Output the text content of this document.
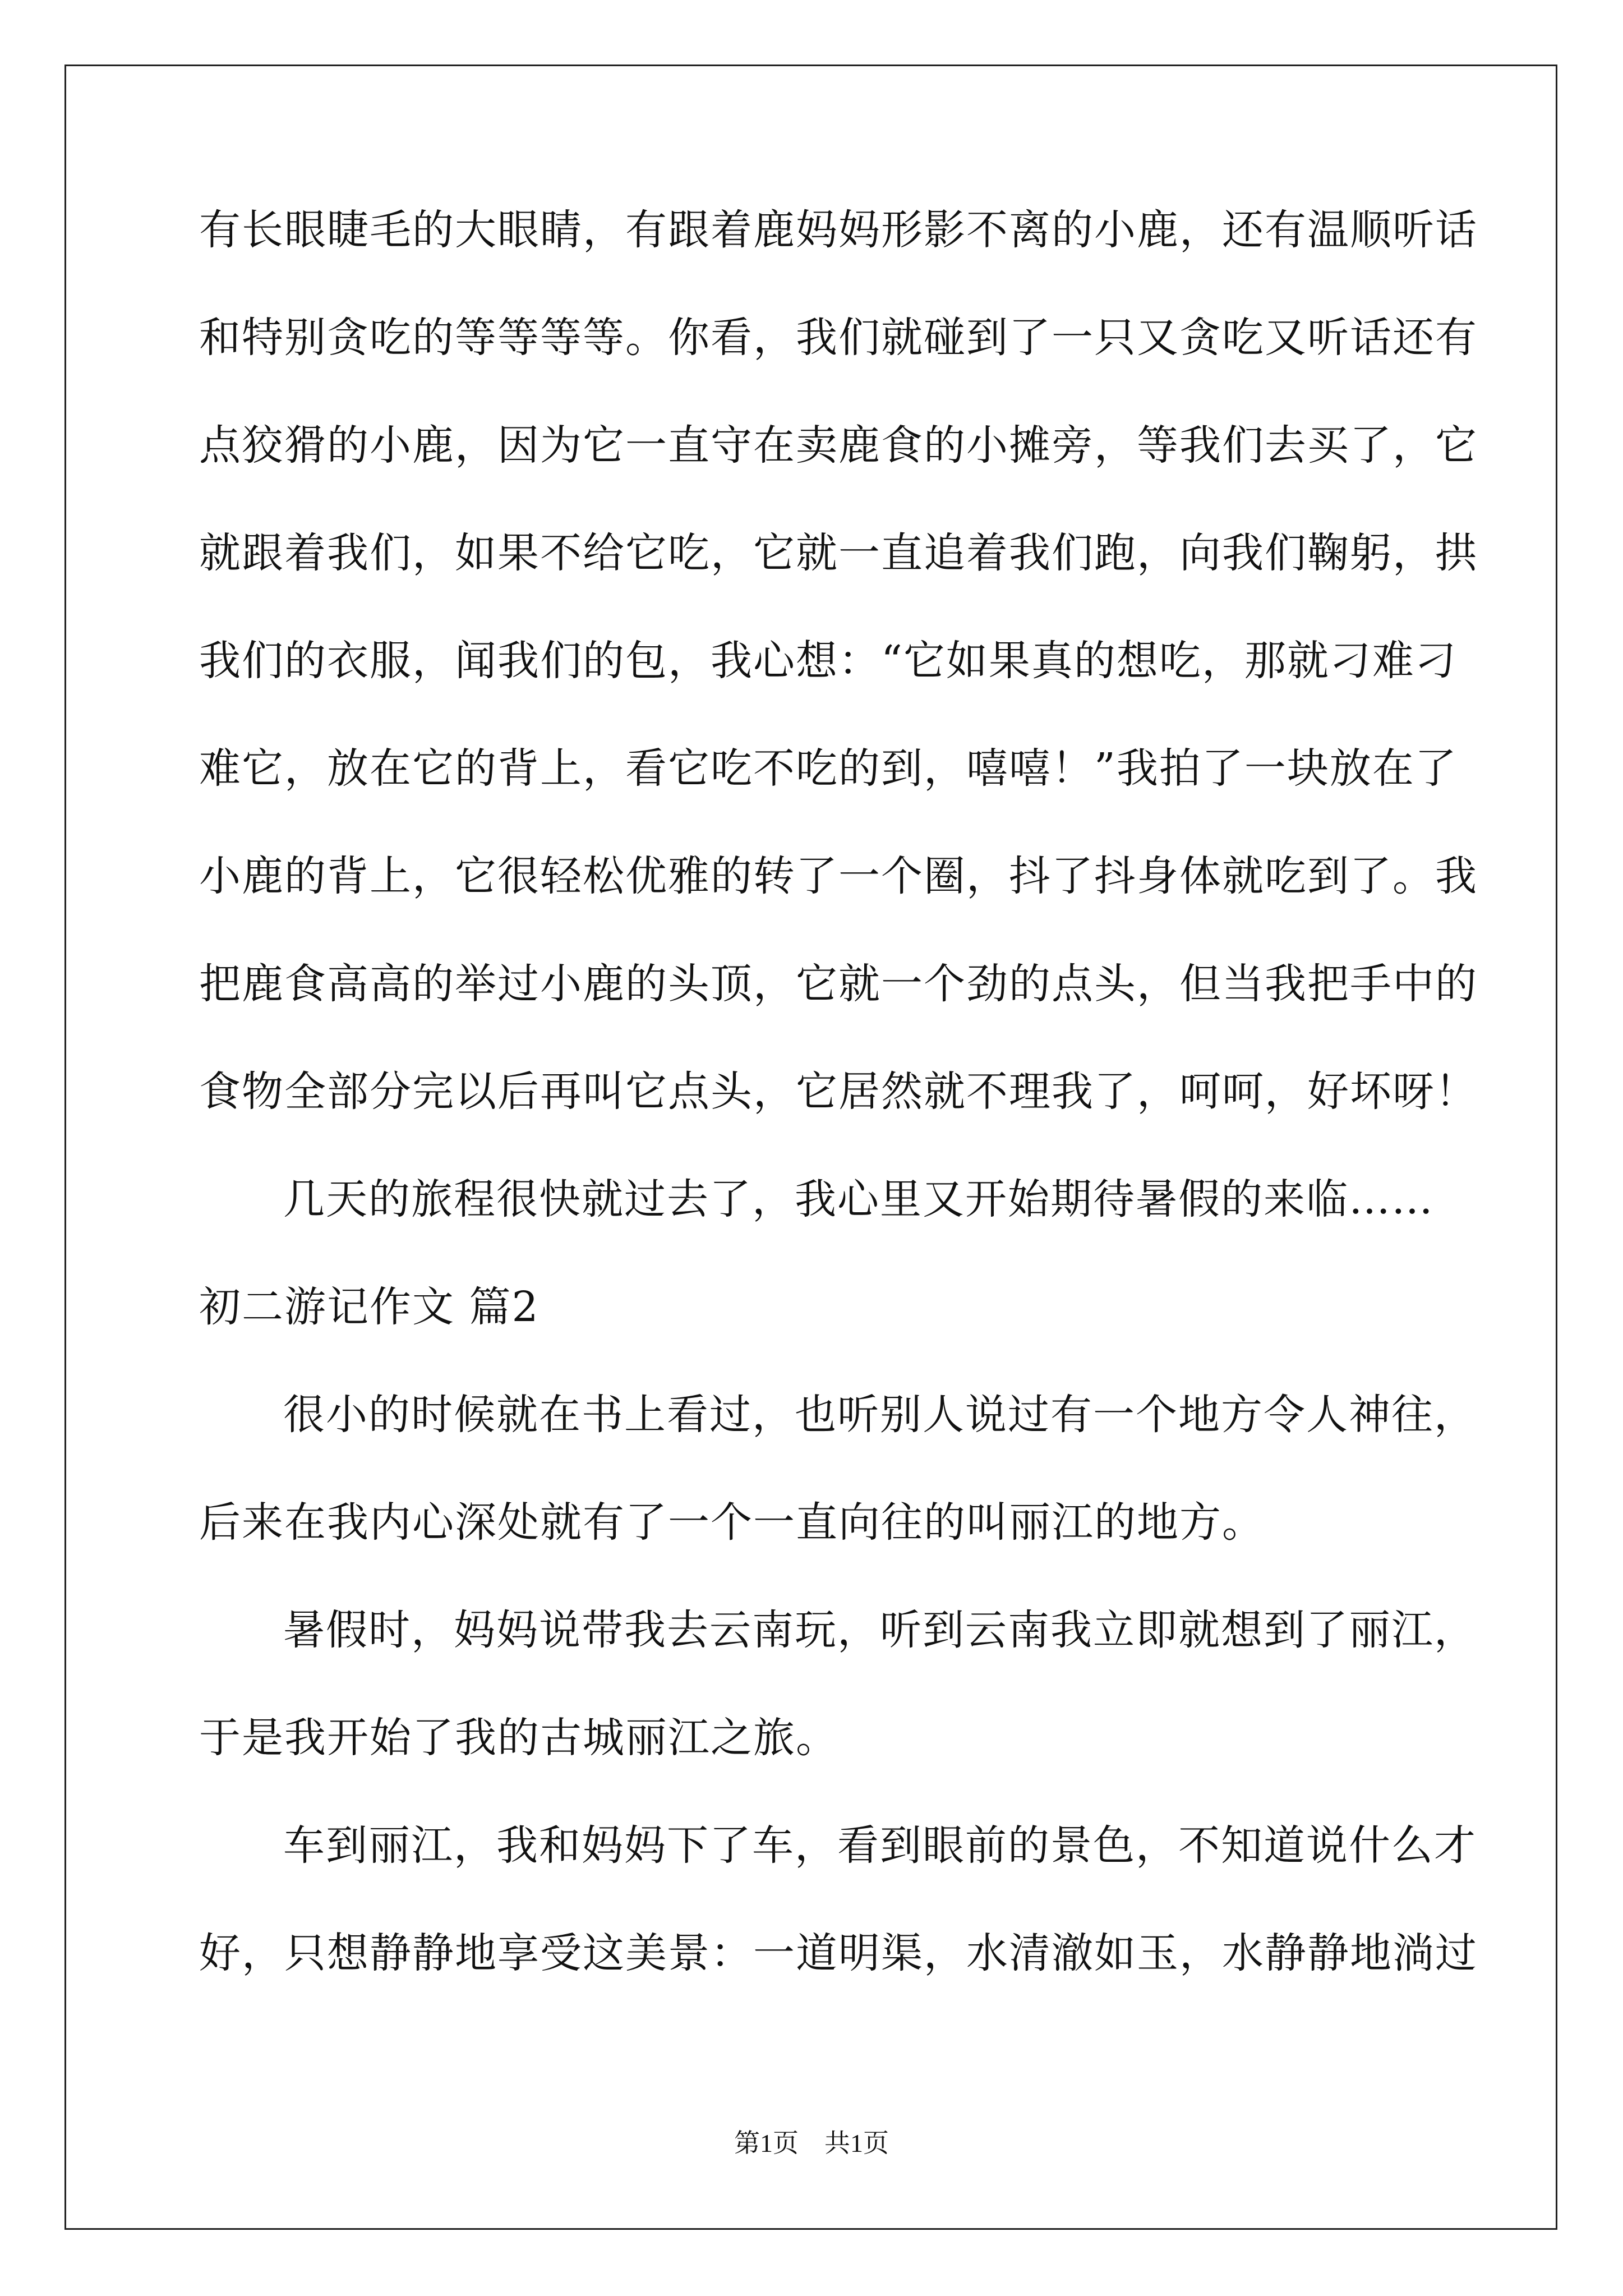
有长眼睫毛的大眼睛，有跟着鹿妈妈形影不离的小鹿，还有温顺听话
和特别贪吃的等等等等。你看，我们就碰到了一只又贪吃又听话还有
点狡猾的小鹿，因为它一直守在卖鹿食的小摊旁，等我们去买了，它
就跟着我们，如果不给它吃，它就一直追着我们跑，向我们鞠躬，拱
我们的衣服，闻我们的包，我心想：“它如果真的想吃，那就刁难刁
难它，放在它的背上，看它吃不吃的到，嘻嘻！”我拍了一块放在了
小鹿的背上，它很轻松优雅的转了一个圈，抖了抖身体就吃到了。我
把鹿食高高的举过小鹿的头顶，它就一个劲的点头，但当我把手中的
食物全部分完以后再叫它点头，它居然就不理我了，呵呵，好坏呀！
几天的旅程很快就过去了，我心里又开始期待暑假的来临……
初二游记作文 篇2
很小的时候就在书上看过，也听别人说过有一个地方令人神往，
后来在我内心深处就有了一个一直向往的叫丽江的地方。
暑假时，妈妈说带我去云南玩，听到云南我立即就想到了丽江，
于是我开始了我的古城丽江之旅。
车到丽江，我和妈妈下了车，看到眼前的景色，不知道说什么才
好，只想静静地享受这美景：一道明渠，水清澈如玉，水静静地淌过
第1页　共1页
